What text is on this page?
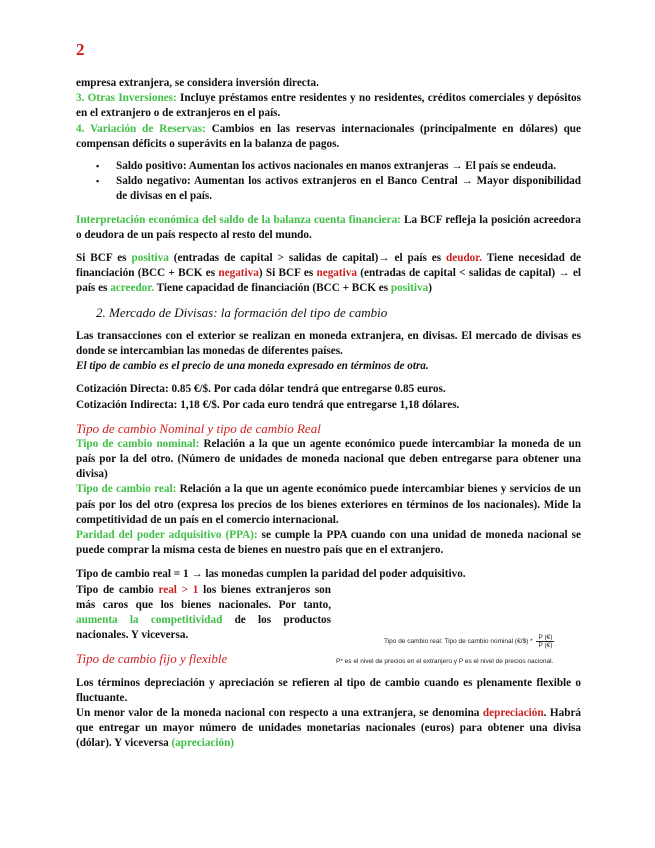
2

empresa extranjera, se considera inversión directa.

3. Otras Inversiones: Incluye préstamos entre residentes y no residentes, créditos comerciales y depósitos en el extranjero o de extranjeros en el país.

4. Variación de Reservas: Cambios en las reservas internacionales (principalmente en dólares) que compensan déficits o superávits en la balanza de pagos.

▪ Saldo positivo: Aumentan los activos nacionales en manos extranjeras → El país se endeuda.
▪ Saldo negativo: Aumentan los activos extranjeros en el Banco Central → Mayor disponibilidad de divisas en el país.

Interpretación económica del saldo de la balanza cuenta financiera: La BCF refleja la posición acreedora o deudora de un país respecto al resto del mundo.

Si BCF es positiva (entradas de capital > salidas de capital)→ el país es deudor. Tiene necesidad de financiación (BCC + BCK es negativa) Si BCF es negativa (entradas de capital < salidas de capital) → el país es acreedor. Tiene capacidad de financiación (BCC + BCK es positiva)

2. Mercado de Divisas: la formación del tipo de cambio

Las transacciones con el exterior se realizan en moneda extranjera, en divisas. El mercado de divisas es donde se intercambian las monedas de diferentes países.

El tipo de cambio es el precio de una moneda expresado en términos de otra.

Cotización Directa: 0.85 €/$. Por cada dólar tendrá que entregarse 0.85 euros.

Cotización Indirecta: 1,18 €/$. Por cada euro tendrá que entregarse 1,18 dólares.

Tipo de cambio Nominal y tipo de cambio Real

Tipo de cambio nominal: Relación a la que un agente económico puede intercambiar la moneda de un país por la del otro. (Número de unidades de moneda nacional que deben entregarse para obtener una divisa)

Tipo de cambio real: Relación a la que un agente económico puede intercambiar bienes y servicios de un país por los del otro (expresa los precios de los bienes exteriores en términos de los nacionales). Mide la competitividad de un país en el comercio internacional.

Paridad del poder adquisitivo (PPA): se cumple la PPA cuando con una unidad de moneda nacional se puede comprar la misma cesta de bienes en nuestro país que en el extranjero.

Tipo de cambio real = 1 → las monedas cumplen la paridad del poder adquisitivo.

Tipo de cambio real > 1 los bienes extranjeros son más caros que los bienes nacionales. Por tanto, aumenta la competitividad de los productos nacionales. Y viceversa.

Tipo de cambio fijo y flexible

Los términos depreciación y apreciación se refieren al tipo de cambio cuando es plenamente flexible o fluctuante.

Un menor valor de la moneda nacional con respecto a una extranjera, se denomina depreciación. Habrá que entregar un mayor número de unidades monetarias nacionales (euros) para obtener una divisa (dólar). Y viceversa (apreciación)

Tipo de cambio real: Tipo de cambio nominal (€/$) * $\frac{P (€)}{P (€)}$
P* es el nivel de precios en el extranjero y P es el nivel de precios nacional.
